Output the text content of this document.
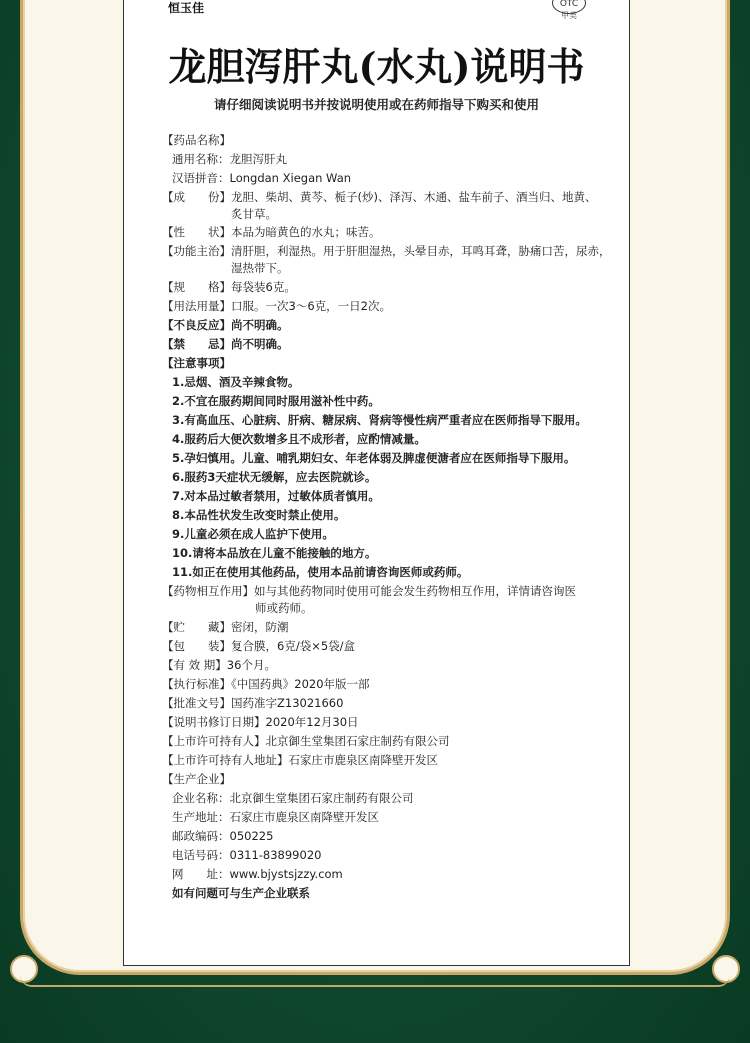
恒玉佳	OTC
甲类
龙胆泻肝丸(水丸)说明书
请仔细阅读说明书并按说明使用或在药师指导下购买和使用
【药品名称】
通用名称：龙胆泻肝丸
汉语拼音：Longdan Xiegan Wan
【成　　份】龙胆、柴胡、黄芩、栀子(炒)、泽泻、木通、盐车前子、酒当归、地黄、
炙甘草。
【性　　状】本品为暗黄色的水丸；味苦。
【功能主治】清肝胆，利湿热。用于肝胆湿热，头晕目赤，耳鸣耳聋，胁痛口苦，尿赤，
湿热带下。
【规　　格】每袋装6克。
【用法用量】口服。一次3～6克，一日2次。
【不良反应】尚不明确。
【禁　　忌】尚不明确。
【注意事项】
1.忌烟、酒及辛辣食物。
2.不宜在服药期间同时服用滋补性中药。
3.有高血压、心脏病、肝病、糖尿病、肾病等慢性病严重者应在医师指导下服用。
4.服药后大便次数增多且不成形者，应酌情减量。
5.孕妇慎用。儿童、哺乳期妇女、年老体弱及脾虚便溏者应在医师指导下服用。
6.服药3天症状无缓解，应去医院就诊。
7.对本品过敏者禁用，过敏体质者慎用。
8.本品性状发生改变时禁止使用。
9.儿童必须在成人监护下使用。
10.请将本品放在儿童不能接触的地方。
11.如正在使用其他药品，使用本品前请咨询医师或药师。
【药物相互作用】如与其他药物同时使用可能会发生药物相互作用，详情请咨询医
师或药师。
【贮　　藏】密闭，防潮
【包　　装】复合膜，6克/袋×5袋/盒
【有 效 期】36个月。
【执行标准】《中国药典》2020年版一部
【批准文号】国药准字Z13021660
【说明书修订日期】2020年12月30日
【上市许可持有人】北京御生堂集团石家庄制药有限公司
【上市许可持有人地址】石家庄市鹿泉区南降壁开发区
【生产企业】
企业名称：北京御生堂集团石家庄制药有限公司
生产地址：石家庄市鹿泉区南降壁开发区
邮政编码：050225
电话号码：0311-83899020
网　　址：www.bjystsjzzy.com
如有问题可与生产企业联系
